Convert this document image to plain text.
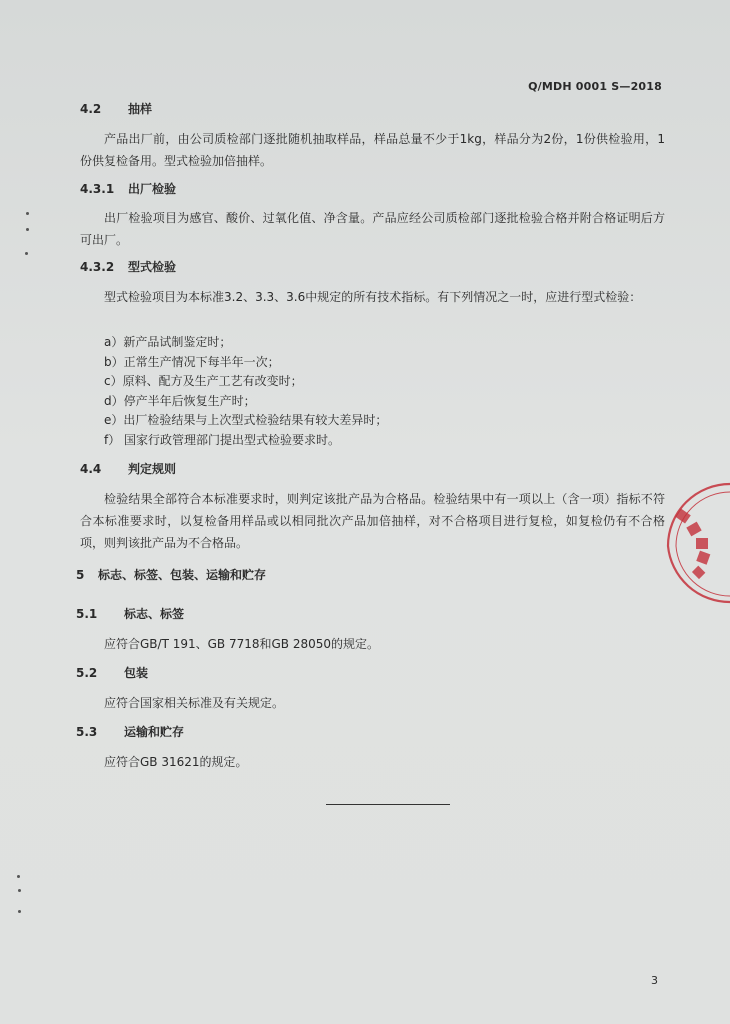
Q/MDH 0001 S—2018
4.2 抽样
产品出厂前，由公司质检部门逐批随机抽取样品，样品总量不少于1kg，样品分为2份，1份供检验用，1份供复检备用。型式检验加倍抽样。
4.3.1 出厂检验
出厂检验项目为感官、酸价、过氧化值、净含量。产品应经公司质检部门逐批检验合格并附合格证明后方可出厂。
4.3.2 型式检验
型式检验项目为本标准3.2、3.3、3.6中规定的所有技术指标。有下列情况之一时，应进行型式检验：
a）新产品试制鉴定时；
b）正常生产情况下每半年一次；
c）原料、配方及生产工艺有改变时；
d）停产半年后恢复生产时；
e）出厂检验结果与上次型式检验结果有较大差异时；
f） 国家行政管理部门提出型式检验要求时。
4.4 判定规则
检验结果全部符合本标准要求时，则判定该批产品为合格品。检验结果中有一项以上（含一项）指标不符合本标准要求时，以复检备用样品或以相同批次产品加倍抽样，对不合格项目进行复检，如复检仍有不合格项，则判该批产品为不合格品。
5 标志、标签、包装、运输和贮存
5.1 标志、标签
应符合GB/T 191、GB 7718和GB 28050的规定。
5.2 包装
应符合国家相关标准及有关规定。
5.3 运输和贮存
应符合GB 31621的规定。
3
